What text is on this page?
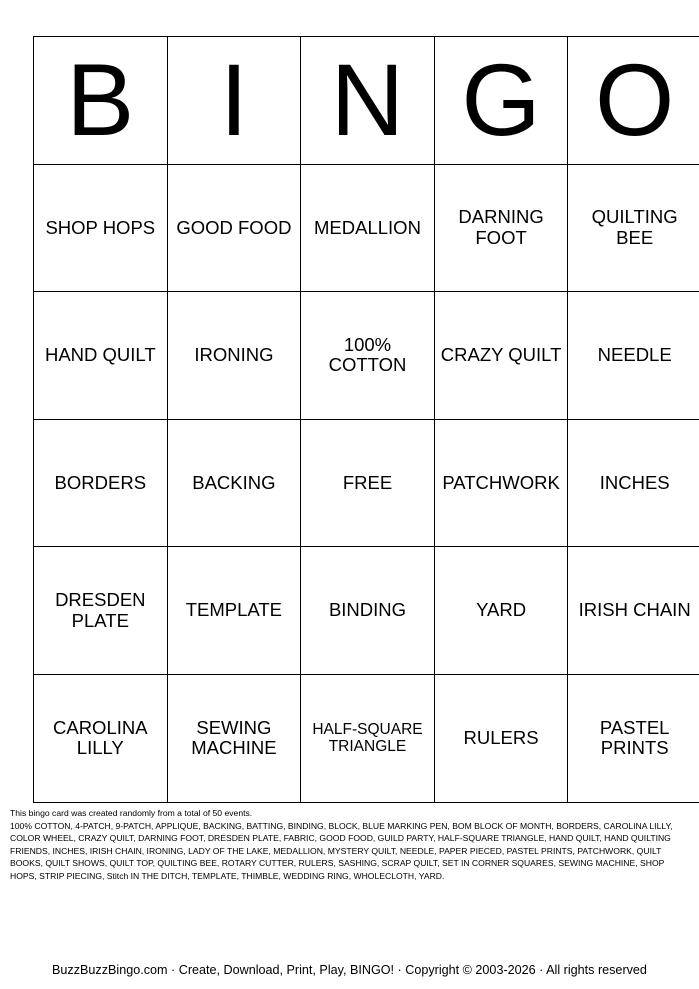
B	I	N	G	O
SHOP HOPS	GOOD FOOD	MEDALLION	DARNING FOOT	QUILTING BEE
HAND QUILT	IRONING	100% COTTON	CRAZY QUILT	NEEDLE
BORDERS	BACKING	FREE	PATCHWORK	INCHES
DRESDEN PLATE	TEMPLATE	BINDING	YARD	IRISH CHAIN
CAROLINA LILLY	SEWING MACHINE	HALF-SQUARE TRIANGLE	RULERS	PASTEL PRINTS

This bingo card was created randomly from a total of 50 events.

100% COTTON, 4-PATCH, 9-PATCH, APPLIQUE, BACKING, BATTING, BINDING, BLOCK, BLUE MARKING PEN, BOM BLOCK OF MONTH, BORDERS, CAROLINA LILLY, COLOR WHEEL, CRAZY QUILT, DARNING FOOT, DRESDEN PLATE, FABRIC, GOOD FOOD, GUILD PARTY, HALF-SQUARE TRIANGLE, HAND QUILT, HAND QUILTING FRIENDS, INCHES, IRISH CHAIN, IRONING, LADY OF THE LAKE, MEDALLION, MYSTERY QUILT, NEEDLE, PAPER PIECED, PASTEL PRINTS, PATCHWORK, QUILT BOOKS, QUILT SHOWS, QUILT TOP, QUILTING BEE, ROTARY CUTTER, RULERS, SASHING, SCRAP QUILT, SET IN CORNER SQUARES, SEWING MACHINE, SHOP HOPS, STRIP PIECING, Stitch IN THE DITCH, TEMPLATE, THIMBLE, WEDDING RING, WHOLECLOTH, YARD.

BuzzBuzzBingo.com · Create, Download, Print, Play, BINGO! · Copyright © 2003-2026 · All rights reserved
